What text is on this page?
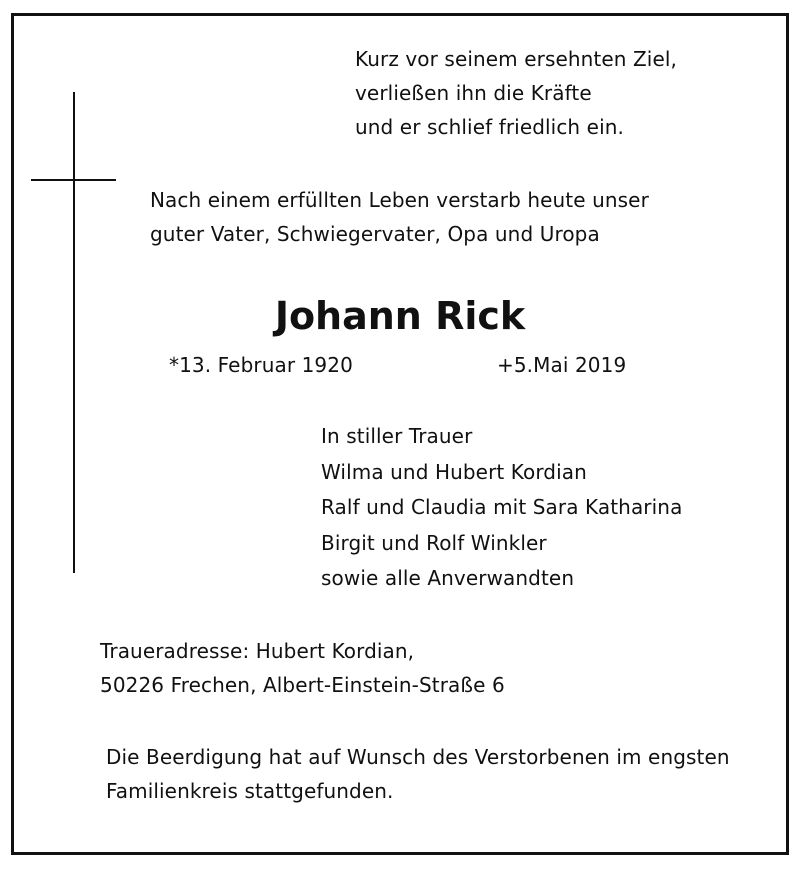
Kurz vor seinem ersehnten Ziel,
verließen ihn die Kräfte
und er schlief friedlich ein.
Nach einem erfüllten Leben verstarb heute unser
guter Vater, Schwiegervater, Opa und Uropa
Johann Rick
*13. Februar 1920	+5.Mai 2019
In stiller Trauer
Wilma und Hubert Kordian
Ralf und Claudia mit Sara Katharina
Birgit und Rolf Winkler
sowie alle Anverwandten
Traueradresse: Hubert Kordian,
50226 Frechen, Albert-Einstein-Straße 6
Die Beerdigung hat auf Wunsch des Verstorbenen im engsten
Familienkreis stattgefunden.
